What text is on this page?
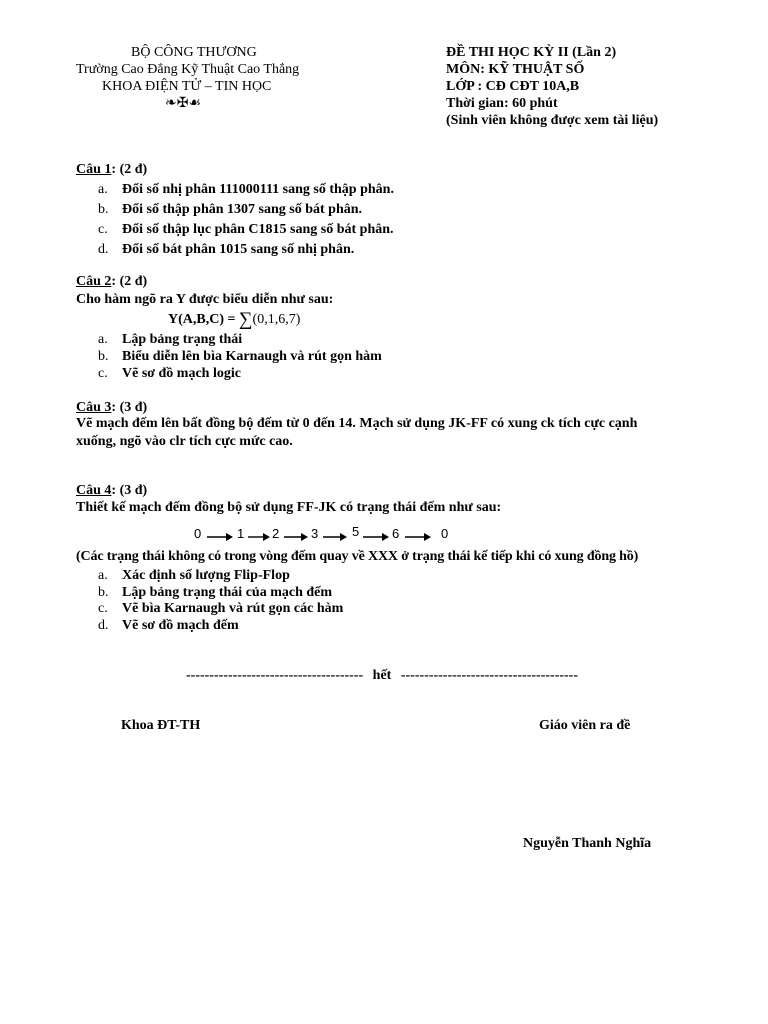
BỘ CÔNG THƯƠNG
Trường Cao Đẳng Kỹ Thuật Cao Thắng
KHOA ĐIỆN TỬ – TIN HỌC
❧✠☙
ĐỀ THI HỌC KỲ II (Lần 2)
MÔN: KỸ THUẬT SỐ
LỚP : CĐ CĐT 10A,B
Thời gian: 60 phút
(Sinh viên không được xem tài liệu)
Câu 1: (2 đ)
a. Đổi số nhị phân 111000111 sang số thập phân.
b. Đổi số thập phân 1307 sang số bát phân.
c. Đổi số thập lục phân C1815 sang số bát phân.
d. Đổi số bát phân 1015 sang số nhị phân.
Câu 2: (2 đ)
Cho hàm ngõ ra Y được biểu diễn như sau:
Y(A,B,C) = ∑(0,1,6,7)
a. Lập bảng trạng thái
b. Biểu diễn lên bìa Karnaugh và rút gọn hàm
c. Vẽ sơ đồ mạch logic
Câu 3: (3 đ)
Vẽ mạch đếm lên bất đồng bộ đếm từ 0 đến 14. Mạch sử dụng JK-FF có xung ck tích cực cạnh
xuống, ngõ vào clr tích cực mức cao.
Câu 4: (3 đ)
Thiết kế mạch đếm đồng bộ sử dụng FF-JK có trạng thái đếm như sau:
0	1 2 3	5	6	0
(Các trạng thái không có trong vòng đếm quay về XXX ở trạng thái kế tiếp khi có xung đồng hồ)
a. Xác định số lượng Flip-Flop
b. Lập bảng trạng thái của mạch đếm
c. Vẽ bìa Karnaugh và rút gọn các hàm
d. Vẽ sơ đồ mạch đếm
-------------------------------------- hết --------------------------------------
Khoa ĐT-TH	Giáo viên ra đề
Nguyễn Thanh Nghĩa
